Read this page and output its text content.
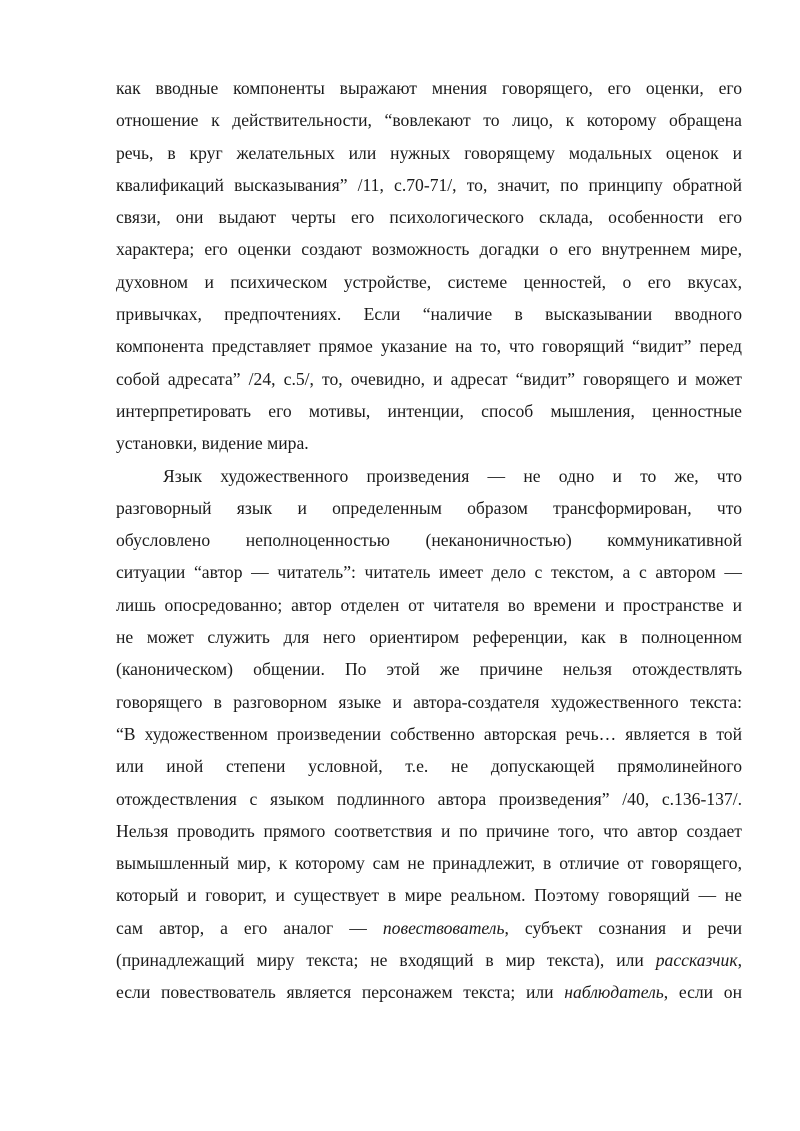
как вводные компоненты выражают мнения говорящего, его оценки, его
отношение к действительности, “вовлекают то лицо, к которому обращена
речь, в круг желательных или нужных говорящему модальных оценок и
квалификаций высказывания” /11, с.70-71/, то, значит, по принципу обратной
связи, они выдают черты его психологического склада, особенности его
характера; его оценки создают возможность догадки о его внутреннем мире,
духовном и психическом устройстве, системе ценностей, о его вкусах,
привычках, предпочтениях. Если “наличие в высказывании вводного
компонента представляет прямое указание на то, что говорящий “видит” перед
собой адресата” /24, с.5/, то, очевидно, и адресат “видит” говорящего и может
интерпретировать его мотивы, интенции, способ мышления, ценностные
установки, видение мира.

Язык художественного произведения — не одно и то же, что
разговорный язык и определенным образом трансформирован, что
обусловлено неполноценностью (неканоничностью) коммуникативной
ситуации “автор — читатель”: читатель имеет дело с текстом, а с автором —
лишь опосредованно; автор отделен от читателя во времени и пространстве и
не может служить для него ориентиром референции, как в полноценном
(каноническом) общении. По этой же причине нельзя отождествлять
говорящего в разговорном языке и автора-создателя художественного текста:
“В художественном произведении собственно авторская речь… является в той
или иной степени условной, т.е. не допускающей прямолинейного
отождествления с языком подлинного автора произведения” /40, с.136-137/.
Нельзя проводить прямого соответствия и по причине того, что автор создает
вымышленный мир, к которому сам не принадлежит, в отличие от говорящего,
который и говорит, и существует в мире реальном. Поэтому говорящий — не
сам автор, а его аналог — повествователь, субъект сознания и речи
(принадлежащий миру текста; не входящий в мир текста), или рассказчик,
если повествователь является персонажем текста; или наблюдатель, если он
